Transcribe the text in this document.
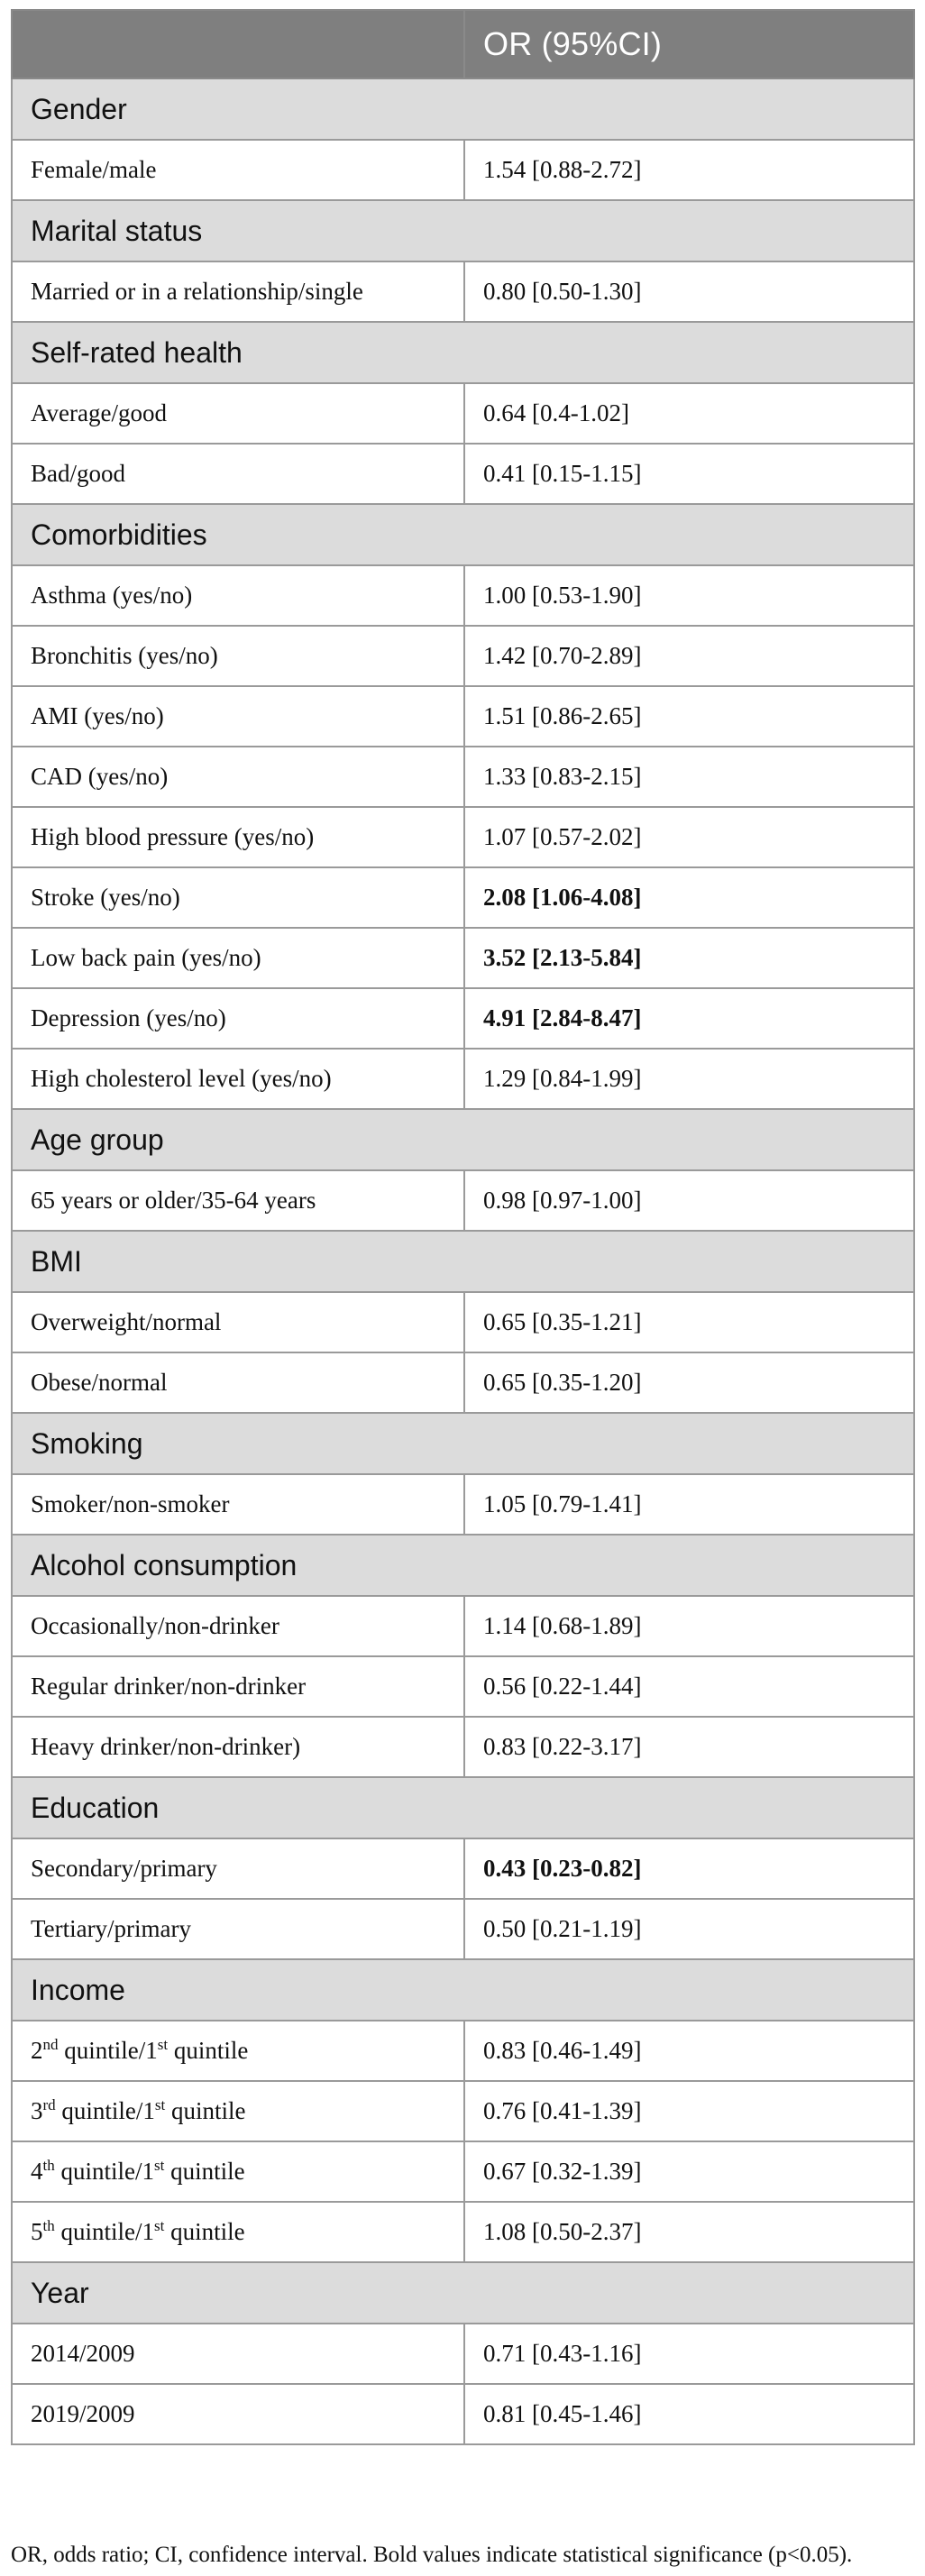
	OR (95%CI)
Gender	
Female/male	1.54 [0.88-2.72]
Marital status	
Married or in a relationship/single	0.80 [0.50-1.30]
Self-rated health	
Average/good	0.64 [0.4-1.02]
Bad/good	0.41 [0.15-1.15]
Comorbidities	
Asthma (yes/no)	1.00 [0.53-1.90]
Bronchitis (yes/no)	1.42 [0.70-2.89]
AMI (yes/no)	1.51 [0.86-2.65]
CAD (yes/no)	1.33 [0.83-2.15]
High blood pressure (yes/no)	1.07 [0.57-2.02]
Stroke (yes/no)	2.08 [1.06-4.08]
Low back pain (yes/no)	3.52 [2.13-5.84]
Depression (yes/no)	4.91 [2.84-8.47]
High cholesterol level (yes/no)	1.29 [0.84-1.99]
Age group	
65 years or older/35-64 years	0.98 [0.97-1.00]
BMI	
Overweight/normal	0.65 [0.35-1.21]
Obese/normal	0.65 [0.35-1.20]
Smoking	
Smoker/non-smoker	1.05 [0.79-1.41]
Alcohol consumption	
Occasionally/non-drinker	1.14 [0.68-1.89]
Regular drinker/non-drinker	0.56 [0.22-1.44]
Heavy drinker/non-drinker)	0.83 [0.22-3.17]
Education	
Secondary/primary	0.43 [0.23-0.82]
Tertiary/primary	0.50 [0.21-1.19]
Income	
2nd quintile/1st quintile	0.83 [0.46-1.49]
3rd quintile/1st quintile	0.76 [0.41-1.39]
4th quintile/1st quintile	0.67 [0.32-1.39]
5th quintile/1st quintile	1.08 [0.50-2.37]
Year	
2014/2009	0.71 [0.43-1.16]
2019/2009	0.81 [0.45-1.46]
OR, odds ratio; CI, confidence interval. Bold values indicate statistical significance (p<0.05).
